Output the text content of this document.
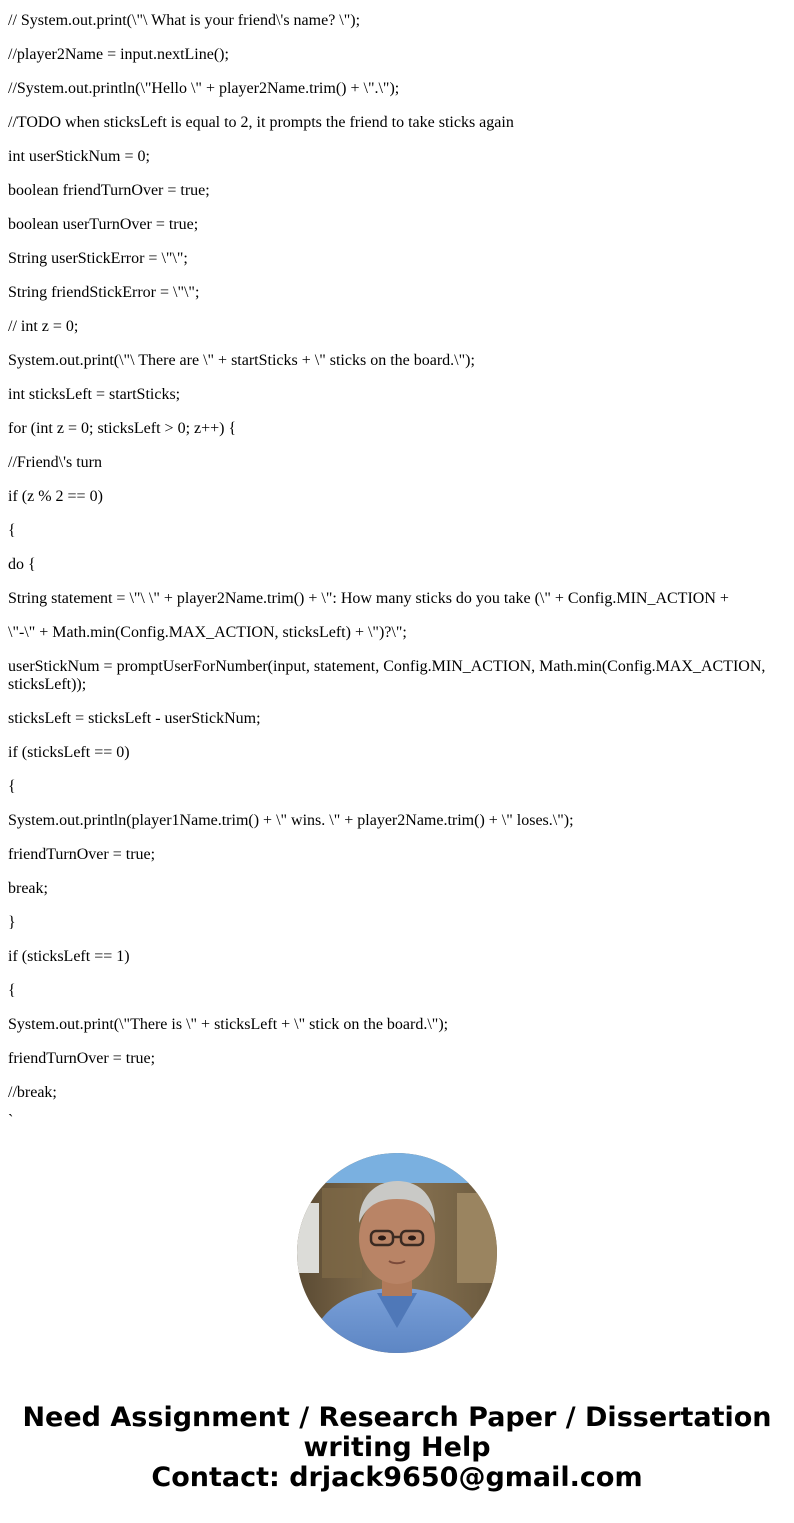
// System.out.print(\"\ What is your friend\'s name? \");

//player2Name = input.nextLine();

//System.out.println(\"Hello \" + player2Name.trim() + \".\");

//TODO when sticksLeft is equal to 2, it prompts the friend to take sticks again

int userStickNum = 0;

boolean friendTurnOver = true;

boolean userTurnOver = true;

String userStickError = \"\";

String friendStickError = \"\";

// int z = 0;

System.out.print(\"\ There are \" + startSticks + \" sticks on the board.\");

int sticksLeft = startSticks;

for (int z = 0; sticksLeft > 0; z++) {

//Friend\'s turn

if (z % 2 == 0)

{

do {

String statement = \"\ \" + player2Name.trim() + \": How many sticks do you take (\" + Config.MIN_ACTION +

\"-\" + Math.min(Config.MAX_ACTION, sticksLeft) + \")?\";

userStickNum = promptUserForNumber(input, statement, Config.MIN_ACTION, Math.min(Config.MAX_ACTION, sticksLeft));

sticksLeft = sticksLeft - userStickNum;

if (sticksLeft == 0)

{

System.out.println(player1Name.trim() + \" wins. \" + player2Name.trim() + \" loses.\");

friendTurnOver = true;

break;

}

if (sticksLeft == 1)

{

System.out.print(\"There is \" + sticksLeft + \" stick on the board.\");

friendTurnOver = true;

//break;

`
Need Assignment / Research Paper / Dissertation
writing Help
Contact: drjack9650@gmail.com
